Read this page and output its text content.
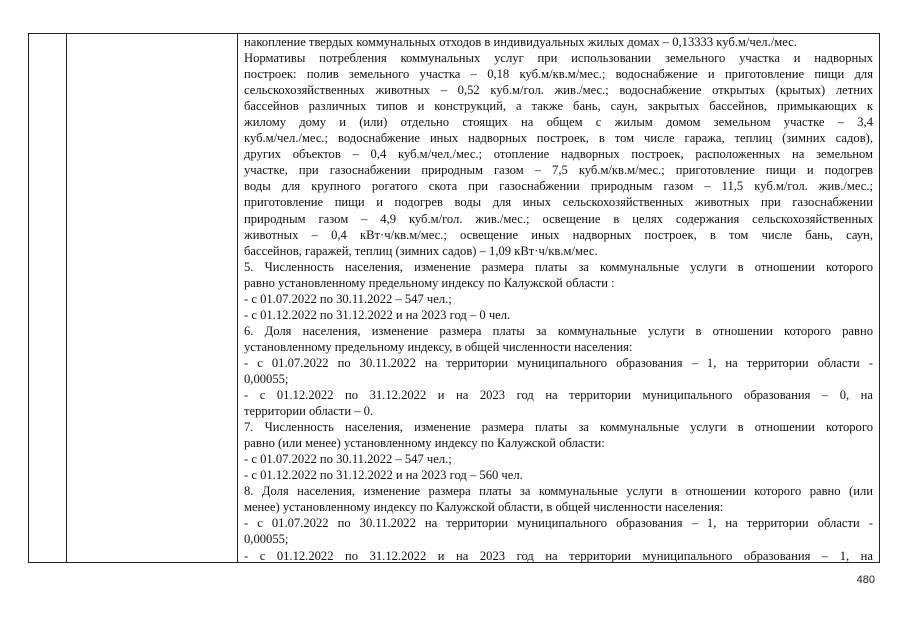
накопление твердых коммунальных отходов в индивидуальных жилых домах – 0,13333 куб.м/чел./мес.
Нормативы потребления коммунальных услуг при использовании земельного участка и надворных
построек: полив земельного участка – 0,18 куб.м/кв.м/мес.; водоснабжение и приготовление пищи для
сельскохозяйственных животных – 0,52 куб.м/гол. жив./мес.; водоснабжение открытых (крытых) летних
бассейнов различных типов и конструкций, а также бань, саун, закрытых бассейнов, примыкающих к
жилому дому и (или) отдельно стоящих на общем с жилым домом земельном участке – 3,4
куб.м/чел./мес.; водоснабжение иных надворных построек, в том числе гаража, теплиц (зимних садов),
других объектов – 0,4 куб.м/чел./мес.; отопление надворных построек, расположенных на земельном
участке, при газоснабжении природным газом – 7,5 куб.м/кв.м/мес.; приготовление пищи и подогрев
воды для крупного рогатого скота при газоснабжении природным газом – 11,5 куб.м/гол. жив./мес.;
приготовление пищи и подогрев воды для иных сельскохозяйственных животных при газоснабжении
природным газом – 4,9 куб.м/гол. жив./мес.; освещение в целях содержания сельскохозяйственных
животных – 0,4 кВт·ч/кв.м/мес.; освещение иных надворных построек, в том числе бань, саун,
бассейнов, гаражей, теплиц (зимних садов) – 1,09 кВт·ч/кв.м/мес.
5. Численность населения, изменение размера платы за коммунальные услуги в отношении которого
равно установленному предельному индексу по Калужской области :
- с 01.07.2022 по 30.11.2022 – 547 чел.;
- с 01.12.2022 по 31.12.2022 и на 2023 год – 0 чел.
6. Доля населения, изменение размера платы за коммунальные услуги в отношении которого равно
установленному предельному индексу, в общей численности населения:
- с 01.07.2022 по 30.11.2022 на территории муниципального образования – 1, на территории области -
0,00055;
- с 01.12.2022 по 31.12.2022 и на 2023 год на территории муниципального образования – 0, на
территории области – 0.
7. Численность населения, изменение размера платы за коммунальные услуги в отношении которого
равно (или менее) установленному индексу по Калужской области:
- с 01.07.2022 по 30.11.2022 – 547 чел.;
- с 01.12.2022 по 31.12.2022 и на 2023 год – 560 чел.
8. Доля населения, изменение размера платы за коммунальные услуги в отношении которого равно (или
менее) установленному индексу по Калужской области, в общей численности населения:
- с 01.07.2022 по 30.11.2022 на территории муниципального образования – 1, на территории области -
0,00055;
- с 01.12.2022 по 31.12.2022 и на 2023 год на территории муниципального образования – 1, на
480
